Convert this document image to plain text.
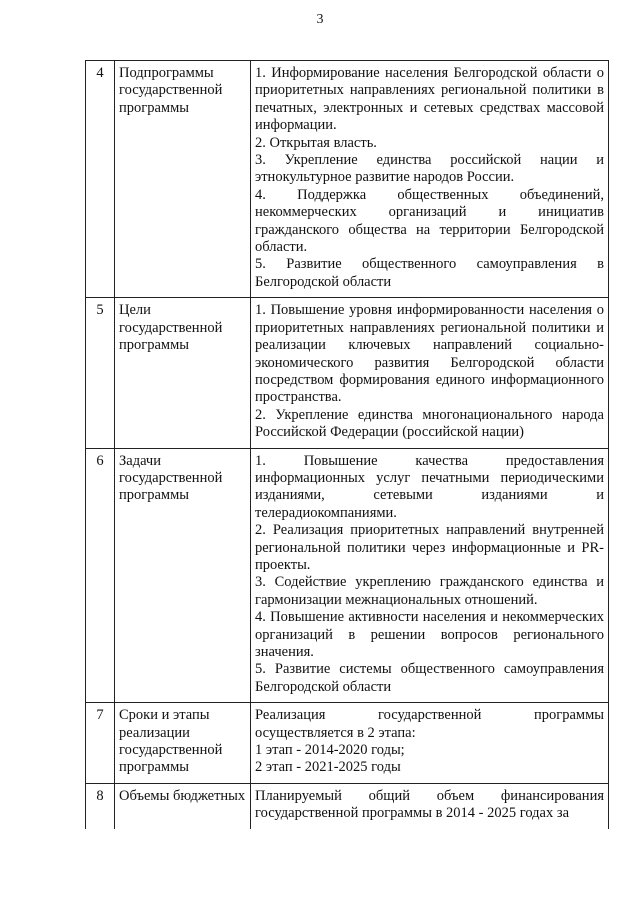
3
4	Подпрограммы государственной программы	1. Информирование населения Белгородской области о приоритетных направлениях региональной политики в печатных, электронных и сетевых средствах массовой информации.

2. Открытая власть.

3. Укрепление единства российской нации и этнокультурное развитие народов России.

4. Поддержка общественных объединений, некоммерческих организаций и инициатив гражданского общества на территории Белгородской области.

5. Развитие общественного самоуправления в Белгородской области

5	Цели государственной программы	1. Повышение уровня информированности населения о приоритетных направлениях региональной политики и реализации ключевых направлений социально-экономического развития Белгородской области посредством формирования единого информационного пространства.

2. Укрепление единства многонационального народа Российской Федерации (российской нации)

6	Задачи государственной программы	1. Повышение качества предоставления информационных услуг печатными периодическими изданиями, сетевыми изданиями и телерадиокомпаниями.

2. Реализация приоритетных направлений внутренней региональной политики через информационные и PR-проекты.

3. Содействие укреплению гражданского единства и гармонизации межнациональных отношений.

4. Повышение активности населения и некоммерческих организаций в решении вопросов регионального значения.

5. Развитие системы общественного самоуправления Белгородской области

7	Сроки и этапы реализации государственной программы	Реализация государственной программы осуществляется в 2 этапа:

1 этап - 2014-2020 годы;

2 этап - 2021-2025 годы

8	Объемы бюджетных	Планируемый общий объем финансирования государственной программы в 2014 - 2025 годах за
